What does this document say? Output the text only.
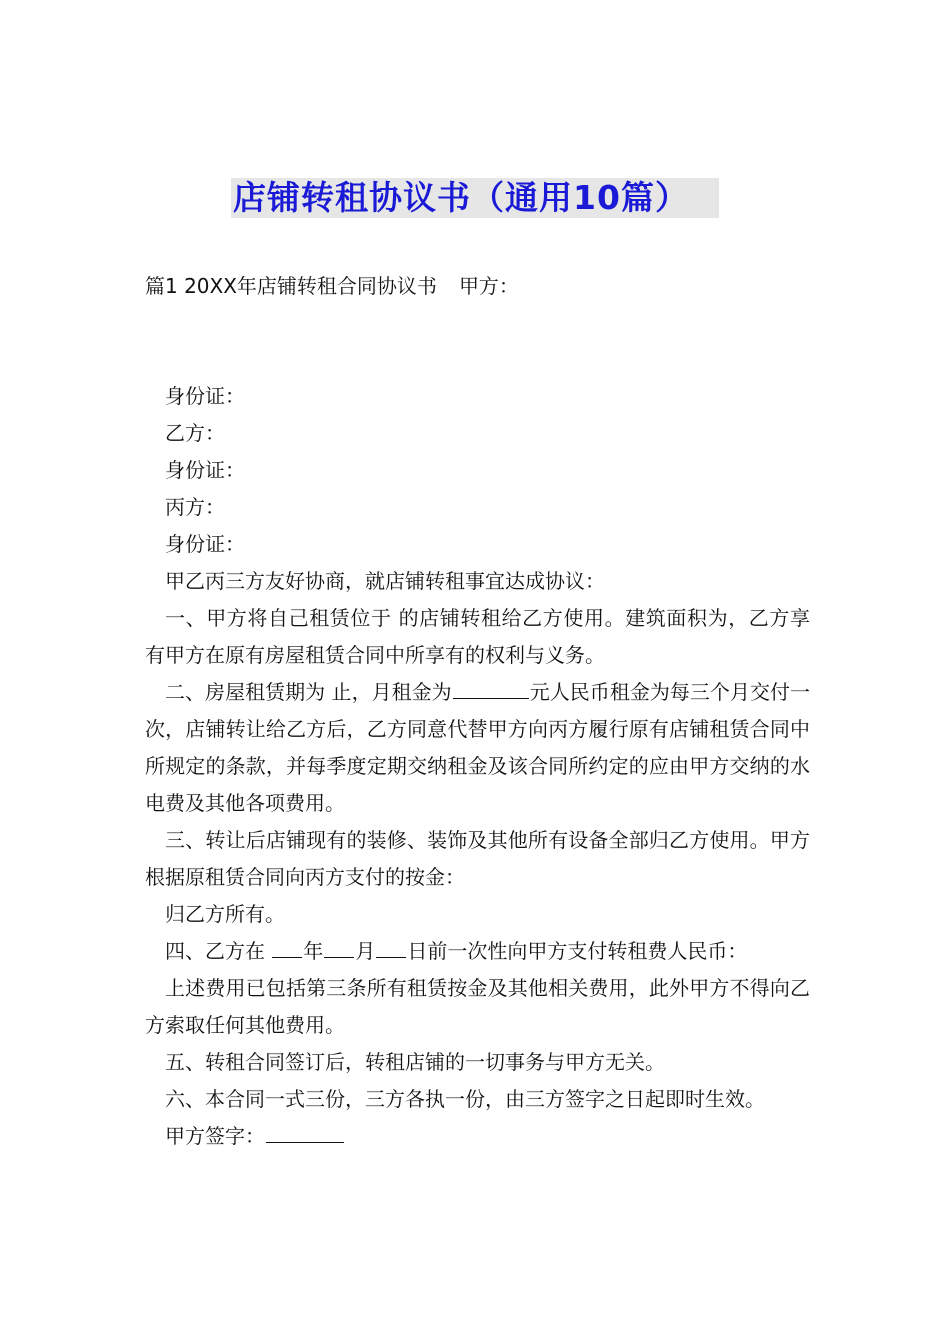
店铺转租协议书（通用10篇）
篇1 20XX年店铺转租合同协议书 甲方：

身份证：

乙方：

身份证：

丙方：

身份证：

甲乙丙三方友好协商，就店铺转租事宜达成协议：

一、甲方将自己租赁位于 的店铺转租给乙方使用。建筑面积为，乙方享有甲方在原有房屋租赁合同中所享有的权利与义务。

二、房屋租赁期为 止，月租金为	元人民币租金为每三个月交付一次，店铺转让给乙方后，乙方同意代替甲方向丙方履行原有店铺租赁合同中所规定的条款，并每季度定期交纳租金及该合同所约定的应由甲方交纳的水电费及其他各项费用。

三、转让后店铺现有的装修、装饰及其他所有设备全部归乙方使用。甲方根据原租赁合同向丙方支付的按金：

归乙方所有。

四、乙方在 年 月 日前一次性向甲方支付转租费人民币：

上述费用已包括第三条所有租赁按金及其他相关费用，此外甲方不得向乙方索取任何其他费用。

五、转租合同签订后，转租店铺的一切事务与甲方无关。

六、本合同一式三份，三方各执一份，由三方签字之日起即时生效。

甲方签字：
